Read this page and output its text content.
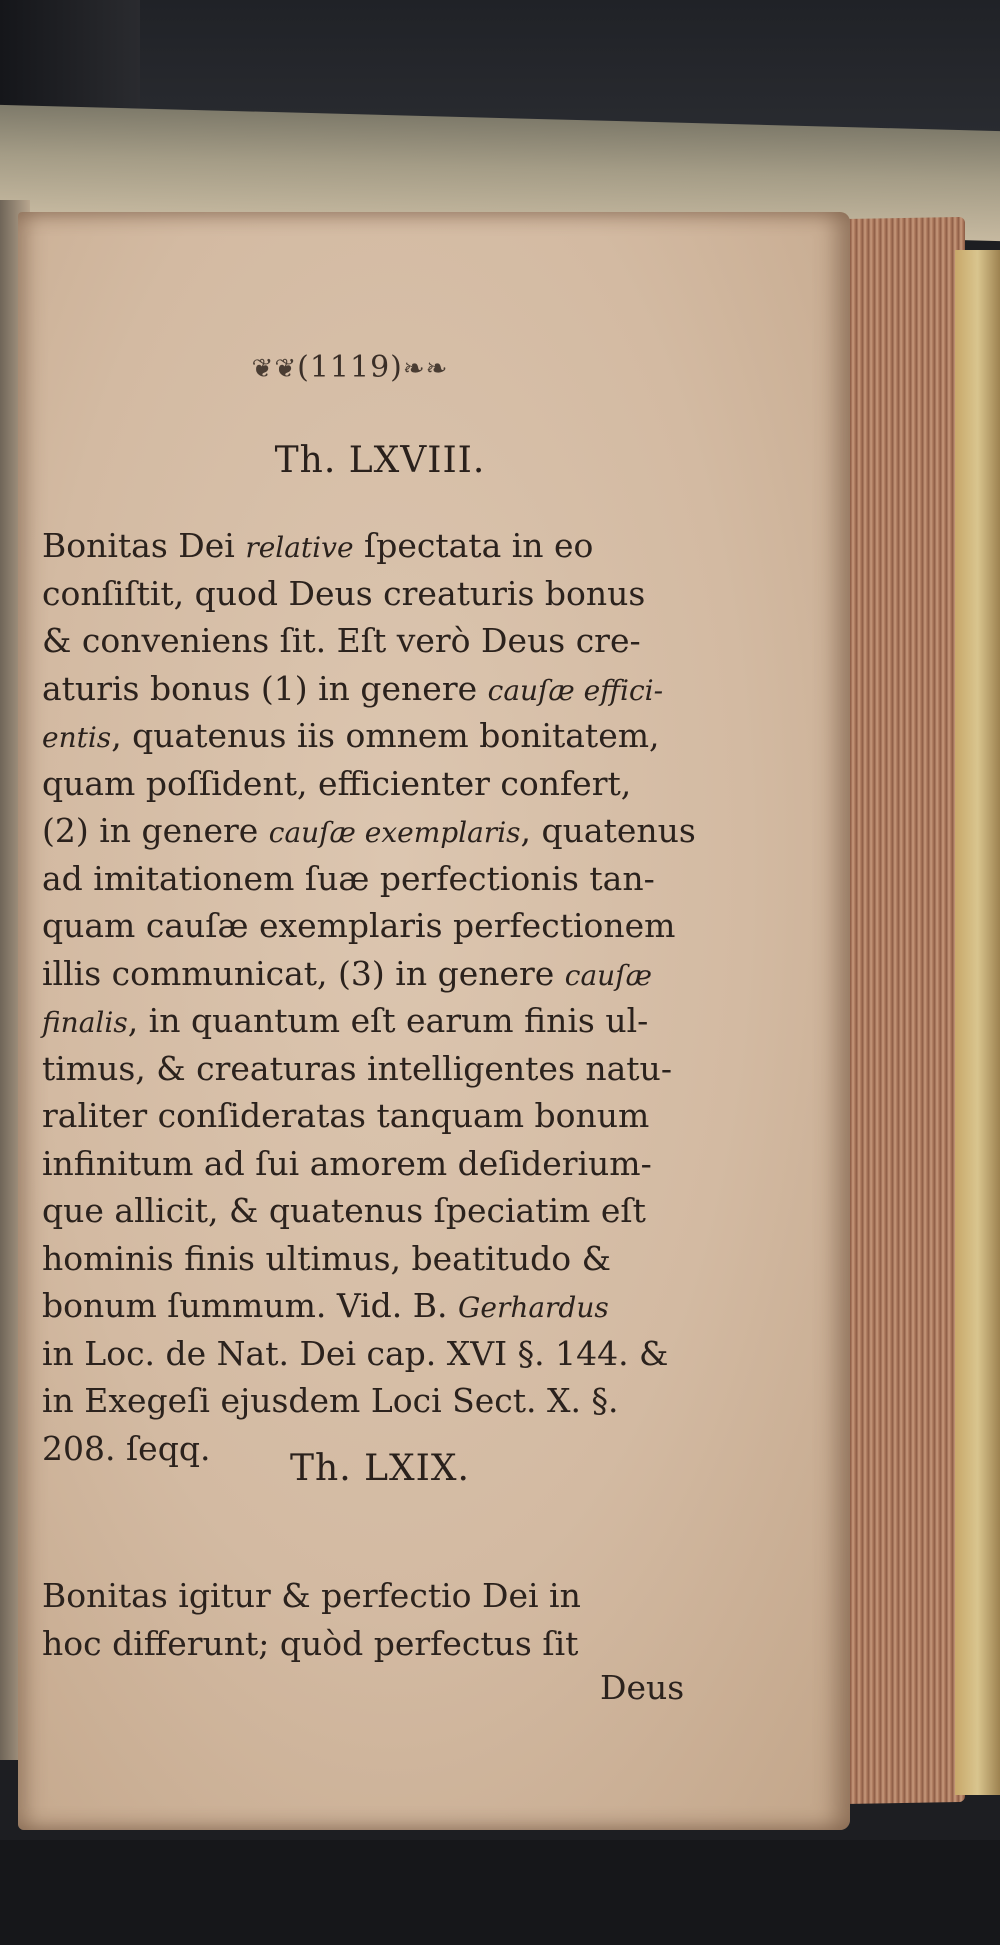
❦❦(1119)❧❧
Th. LXVIII.
Bonitas Dei relative ſpectata in eo
conſiſtit, quod Deus creaturis bonus
& conveniens ſit. Eſt verò Deus cre-
aturis bonus (1) in genere cauſæ effici-
entis, quatenus iis omnem bonitatem,
quam poſſident, efficienter confert,
(2) in genere cauſæ exemplaris, quatenus
ad imitationem ſuæ perfectionis tan-
quam cauſæ exemplaris perfectionem
illis communicat, (3) in genere cauſæ
finalis, in quantum eſt earum finis ul-
timus, & creaturas intelligentes natu-
raliter conſideratas tanquam bonum
infinitum ad ſui amorem deſiderium-
que allicit, & quatenus ſpeciatim eſt
hominis finis ultimus, beatitudo &
bonum ſummum. Vid. B. Gerhardus
in Loc. de Nat. Dei cap. XVI §. 144. &
in Exegeſi ejusdem Loci Sect. X. §.
208. ſeqq.	Th. LXIX.
Bonitas igitur & perfectio Dei in
hoc differunt; quòd perfectus ſit
Deus
